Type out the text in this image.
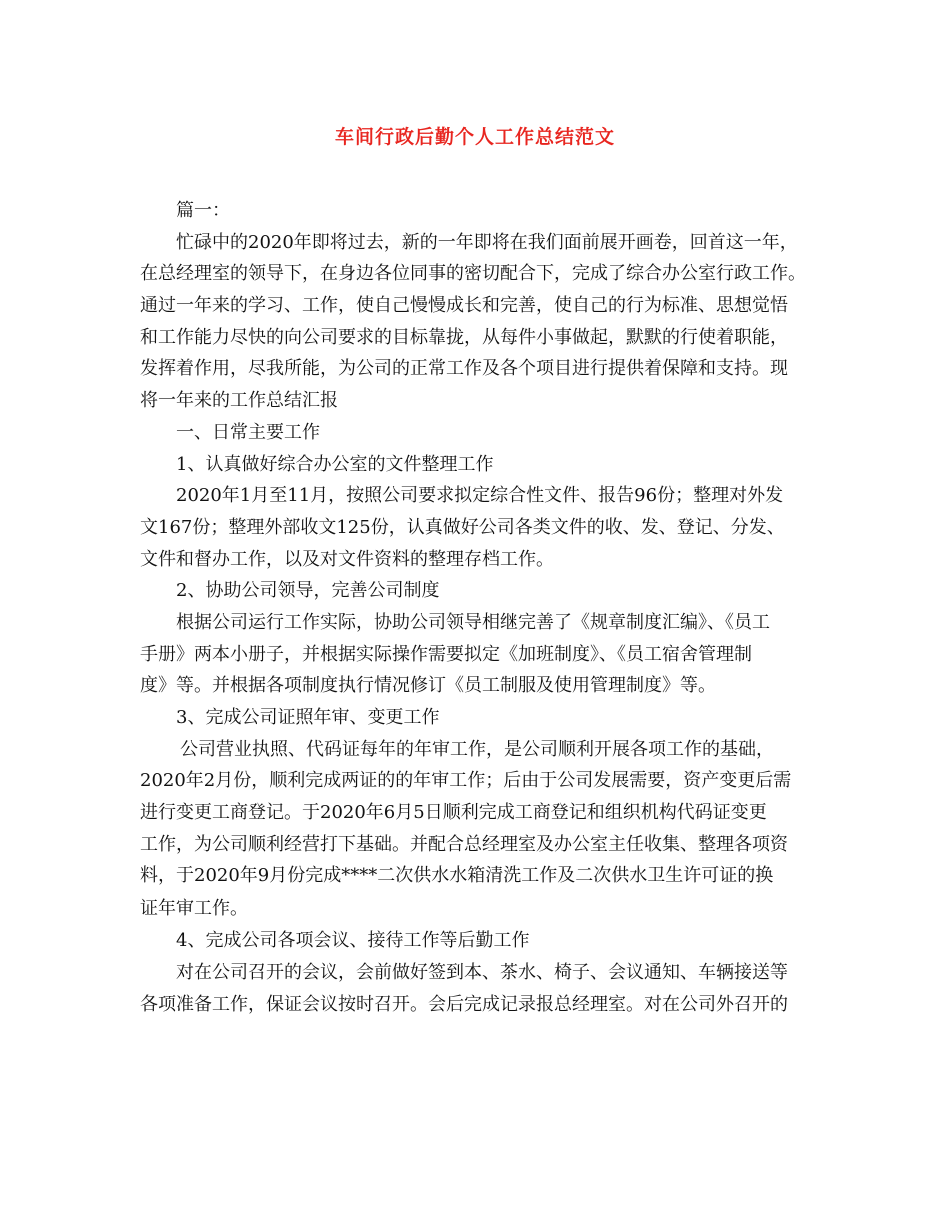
车间行政后勤个人工作总结范文
篇一：
忙碌中的2020年即将过去，新的一年即将在我们面前展开画卷，回首这一年，
在总经理室的领导下，在身边各位同事的密切配合下，完成了综合办公室行政工作。
通过一年来的学习、工作，使自己慢慢成长和完善，使自己的行为标准、思想觉悟
和工作能力尽快的向公司要求的目标靠拢，从每件小事做起，默默的行使着职能，
发挥着作用，尽我所能，为公司的正常工作及各个项目进行提供着保障和支持。现
将一年来的工作总结汇报
一、日常主要工作
1、认真做好综合办公室的文件整理工作
2020年1月至11月，按照公司要求拟定综合性文件、报告96份；整理对外发
文167份；整理外部收文125份，认真做好公司各类文件的收、发、登记、分发、
文件和督办工作，以及对文件资料的整理存档工作。
2、协助公司领导，完善公司制度
根据公司运行工作实际，协助公司领导相继完善了《规章制度汇编》、《员工
手册》两本小册子，并根据实际操作需要拟定《加班制度》、《员工宿舍管理制
度》等。并根据各项制度执行情况修订《员工制服及使用管理制度》等。
3、完成公司证照年审、变更工作
公司营业执照、代码证每年的年审工作，是公司顺利开展各项工作的基础，
2020年2月份，顺利完成两证的的年审工作；后由于公司发展需要，资产变更后需
进行变更工商登记。于2020年6月5日顺利完成工商登记和组织机构代码证变更
工作，为公司顺利经营打下基础。并配合总经理室及办公室主任收集、整理各项资
料，于2020年9月份完成****二次供水水箱清洗工作及二次供水卫生许可证的换
证年审工作。
4、完成公司各项会议、接待工作等后勤工作
对在公司召开的会议，会前做好签到本、茶水、椅子、会议通知、车辆接送等
各项准备工作，保证会议按时召开。会后完成记录报总经理室。对在公司外召开的
